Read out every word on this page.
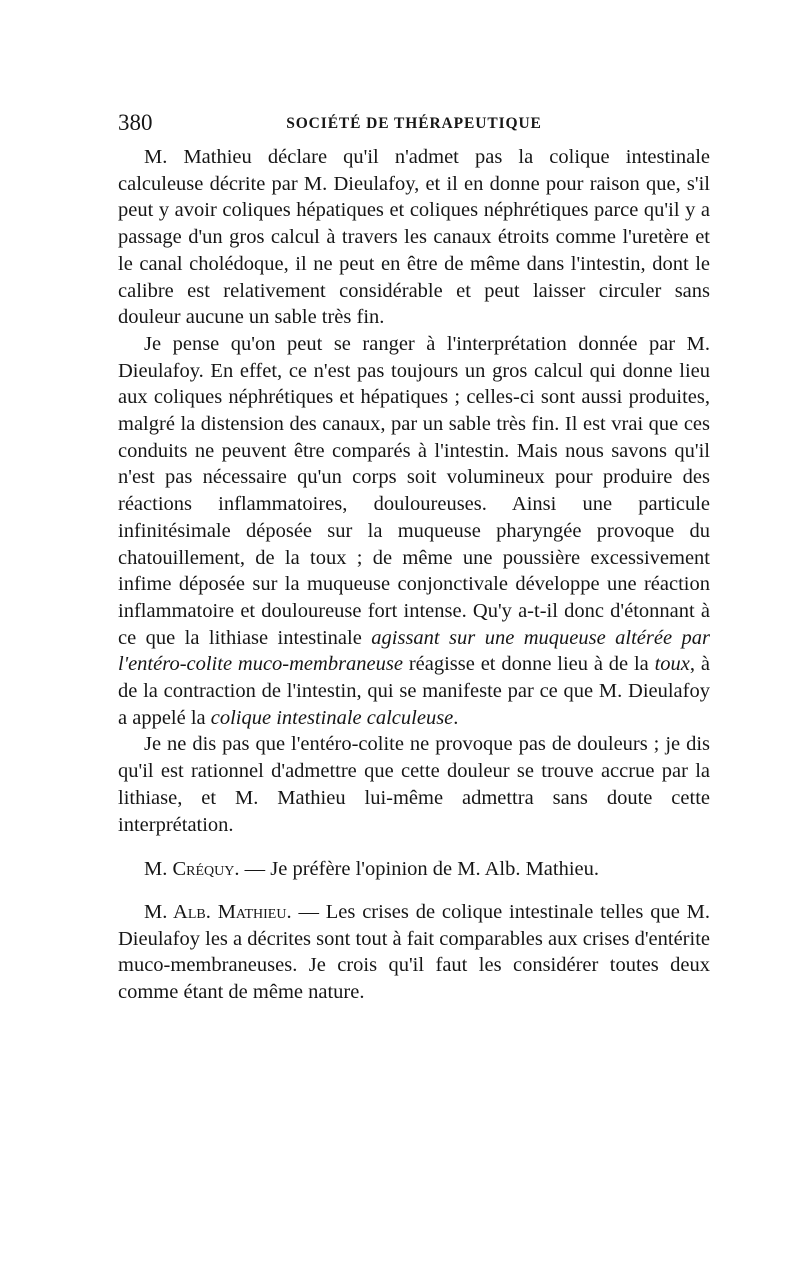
380	SOCIÉTÉ DE THÉRAPEUTIQUE

M. Mathieu déclare qu'il n'admet pas la colique intestinale calculeuse décrite par M. Dieulafoy, et il en donne pour raison que, s'il peut y avoir coliques hépatiques et coliques néphrétiques parce qu'il y a passage d'un gros calcul à travers les canaux étroits comme l'uretère et le canal cholédoque, il ne peut en être de même dans l'intestin, dont le calibre est relativement considérable et peut laisser circuler sans douleur aucune un sable très fin.

Je pense qu'on peut se ranger à l'interprétation donnée par M. Dieulafoy. En effet, ce n'est pas toujours un gros calcul qui donne lieu aux coliques néphrétiques et hépatiques ; celles-ci sont aussi produites, malgré la distension des canaux, par un sable très fin. Il est vrai que ces conduits ne peuvent être comparés à l'intestin. Mais nous savons qu'il n'est pas nécessaire qu'un corps soit volumineux pour produire des réactions inflammatoires, douloureuses. Ainsi une particule infinitésimale déposée sur la muqueuse pharyngée provoque du chatouillement, de la toux ; de même une poussière excessivement infime déposée sur la muqueuse conjonctivale développe une réaction inflammatoire et douloureuse fort intense. Qu'y a-t-il donc d'étonnant à ce que la lithiase intestinale agissant sur une muqueuse altérée par l'entéro-colite muco-membraneuse réagisse et donne lieu à de la toux, à de la contraction de l'intestin, qui se manifeste par ce que M. Dieulafoy a appelé la colique intestinale calculeuse.

Je ne dis pas que l'entéro-colite ne provoque pas de douleurs ; je dis qu'il est rationnel d'admettre que cette douleur se trouve accrue par la lithiase, et M. Mathieu lui-même admettra sans doute cette interprétation.

M. Créquy. — Je préfère l'opinion de M. Alb. Mathieu.

M. Alb. Mathieu. — Les crises de colique intestinale telles que M. Dieulafoy les a décrites sont tout à fait comparables aux crises d'entérite muco-membraneuses. Je crois qu'il faut les considérer toutes deux comme étant de même nature.
